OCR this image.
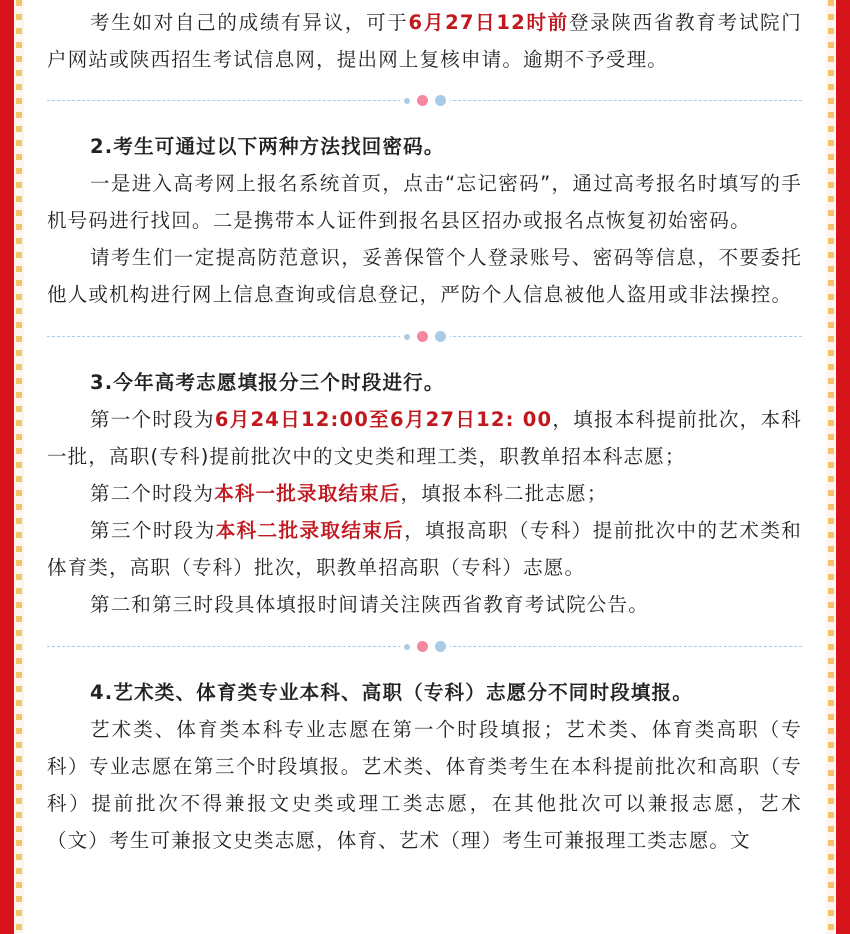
考生如对自己的成绩有异议，可于6月27日12时前登录陕西省教育考试院门户网站或陕西招生考试信息网，提出网上复核申请。逾期不予受理。

2.考生可通过以下两种方法找回密码。

一是进入高考网上报名系统首页，点击“忘记密码”，通过高考报名时填写的手机号码进行找回。二是携带本人证件到报名县区招办或报名点恢复初始密码。

请考生们一定提高防范意识，妥善保管个人登录账号、密码等信息，不要委托他人或机构进行网上信息查询或信息登记，严防个人信息被他人盗用或非法操控。

3.今年高考志愿填报分三个时段进行。

第一个时段为6月24日12:00至6月27日12: 00，填报本科提前批次，本科一批，高职(专科)提前批次中的文史类和理工类，职教单招本科志愿；

第二个时段为本科一批录取结束后，填报本科二批志愿；

第三个时段为本科二批录取结束后，填报高职（专科）提前批次中的艺术类和体育类，高职（专科）批次，职教单招高职（专科）志愿。

第二和第三时段具体填报时间请关注陕西省教育考试院公告。

4.艺术类、体育类专业本科、高职（专科）志愿分不同时段填报。

艺术类、体育类本科专业志愿在第一个时段填报；艺术类、体育类高职（专科）专业志愿在第三个时段填报。艺术类、体育类考生在本科提前批次和高职（专科）提前批次不得兼报文史类或理工类志愿，在其他批次可以兼报志愿，艺术（文）考生可兼报文史类志愿，体育、艺术（理）考生可兼报理工类志愿。文
